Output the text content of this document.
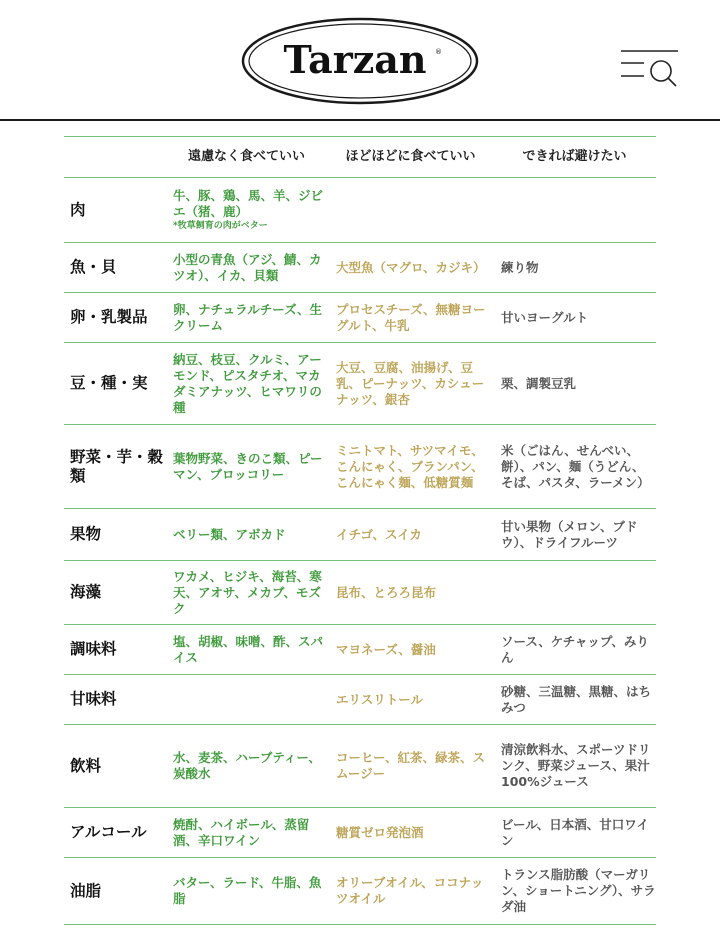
Tarzan ®
	遠慮なく食べていい	ほどほどに食べていい	できれば避けたい
肉	牛、豚、鶏、馬、羊、ジビエ（猪、鹿）
*牧草飼育の肉がベター		

魚・貝	小型の青魚（アジ、鯖、カツオ）、イカ、貝類	大型魚（マグロ、カジキ）	練り物
卵・乳製品	卵、ナチュラルチーズ、生クリーム	プロセスチーズ、無糖ヨーグルト、牛乳	甘いヨーグルト
豆・種・実	納豆、枝豆、クルミ、アーモンド、ピスタチオ、マカダミアナッツ、ヒマワリの種	大豆、豆腐、油揚げ、豆乳、ピーナッツ、カシューナッツ、銀杏	栗、調製豆乳
野菜・芋・穀類	葉物野菜、きのこ類、ピーマン、ブロッコリー	ミニトマト、サツマイモ、こんにゃく、ブランパン、こんにゃく麺、低糖質麺	米（ごはん、せんべい、餅）、パン、麺（うどん、そば、パスタ、ラーメン）
果物	ベリー類、アボカド	イチゴ、スイカ	甘い果物（メロン、ブドウ）、ドライフルーツ
海藻	ワカメ、ヒジキ、海苔、寒天、アオサ、メカブ、モズク	昆布、とろろ昆布	
調味料	塩、胡椒、味噌、酢、スパイス	マヨネーズ、醤油	ソース、ケチャップ、みりん
甘味料		エリスリトール	砂糖、三温糖、黒糖、はちみつ
飲料	水、麦茶、ハーブティー、炭酸水	コーヒー、紅茶、緑茶、スムージー	清涼飲料水、スポーツドリンク、野菜ジュース、果汁100%ジュース
アルコール	焼酎、ハイボール、蒸留酒、辛口ワイン	糖質ゼロ発泡酒	ビール、日本酒、甘口ワイン
油脂	バター、ラード、牛脂、魚脂	オリーブオイル、ココナッツオイル	トランス脂肪酸（マーガリン、ショートニング）、サラダ油
